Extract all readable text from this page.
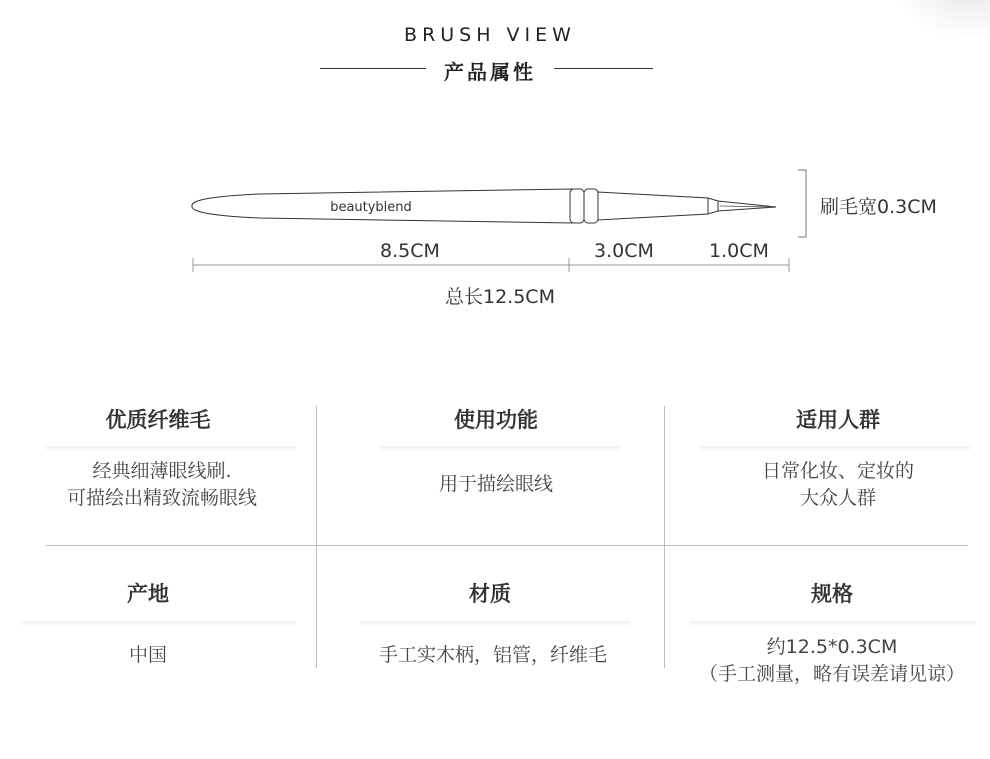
BRUSH VIEW
产品属性
beautyblend	刷毛宽0.3CM
8.5CM	3.0CM	1.0CM
总长12.5CM
优质纤维毛
经典细薄眼线刷.
可描绘出精致流畅眼线
使用功能
用于描绘眼线
适用人群
日常化妆、定妆的
大众人群
产地
中国
材质
手工实木柄，铝管，纤维毛
规格
约12.5*0.3CM
（手工测量，略有误差请见谅）
